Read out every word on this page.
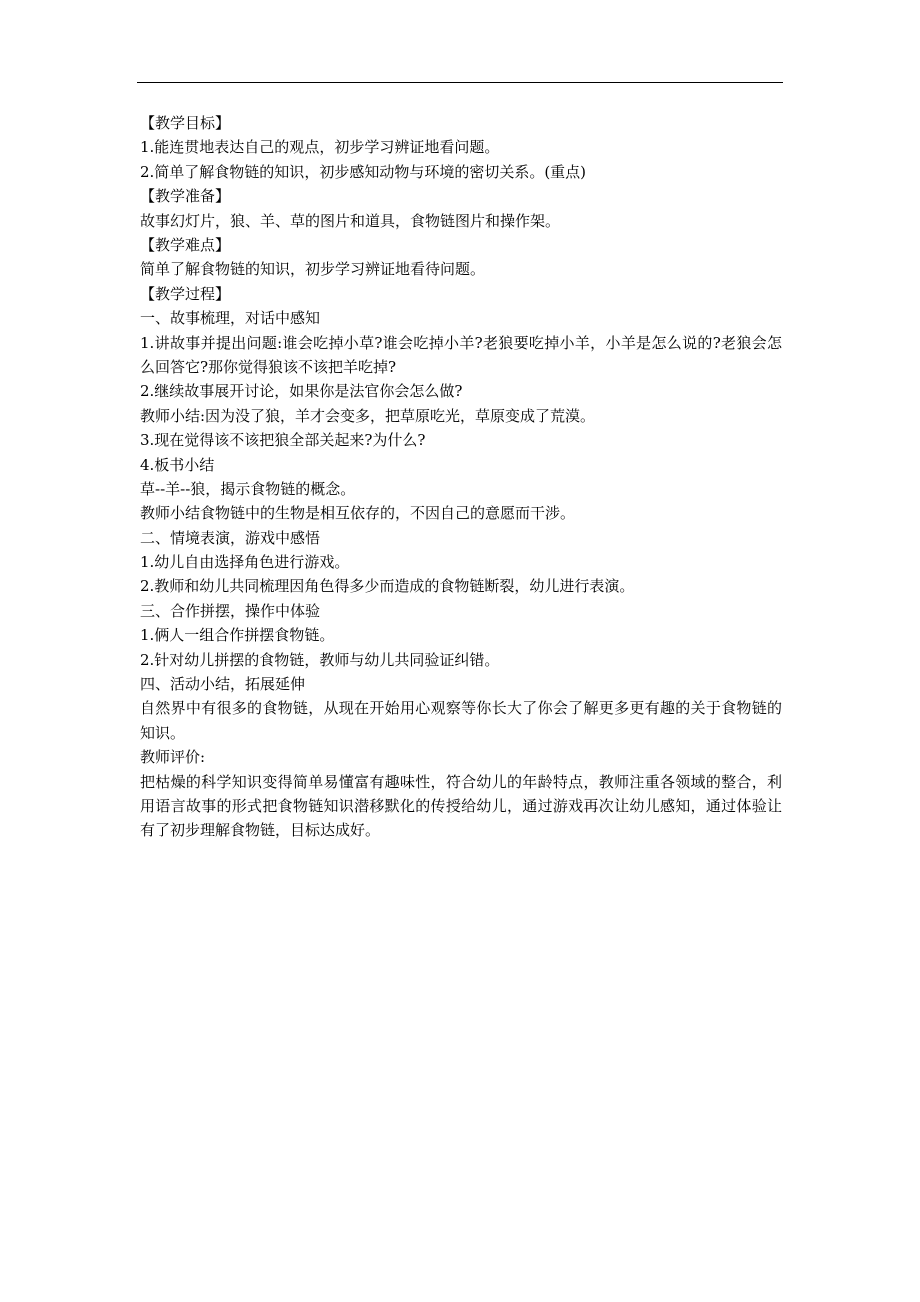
【教学目标】
1.能连贯地表达自己的观点，初步学习辨证地看问题。
2.简单了解食物链的知识，初步感知动物与环境的密切关系。(重点)
【教学准备】
故事幻灯片，狼、羊、草的图片和道具，食物链图片和操作架。
【教学难点】
简单了解食物链的知识，初步学习辨证地看待问题。
【教学过程】
一、故事梳理，对话中感知
1.讲故事并提出问题:谁会吃掉小草?谁会吃掉小羊?老狼要吃掉小羊，小羊是怎么说的?老狼会怎么回答它?那你觉得狼该不该把羊吃掉?
2.继续故事展开讨论，如果你是法官你会怎么做?
教师小结:因为没了狼，羊才会变多，把草原吃光，草原变成了荒漠。
3.现在觉得该不该把狼全部关起来?为什么?
4.板书小结
草--羊--狼，揭示食物链的概念。
教师小结食物链中的生物是相互依存的，不因自己的意愿而干涉。
二、情境表演，游戏中感悟
1.幼儿自由选择角色进行游戏。
2.教师和幼儿共同梳理因角色得多少而造成的食物链断裂，幼儿进行表演。
三、合作拼摆，操作中体验
1.俩人一组合作拼摆食物链。
2.针对幼儿拼摆的食物链，教师与幼儿共同验证纠错。
四、活动小结，拓展延伸
自然界中有很多的食物链，从现在开始用心观察等你长大了你会了解更多更有趣的关于食物链的知识。
教师评价:
把枯燥的科学知识变得简单易懂富有趣味性，符合幼儿的年龄特点，教师注重各领域的整合，利用语言故事的形式把食物链知识潜移默化的传授给幼儿，通过游戏再次让幼儿感知，通过体验让有了初步理解食物链，目标达成好。
